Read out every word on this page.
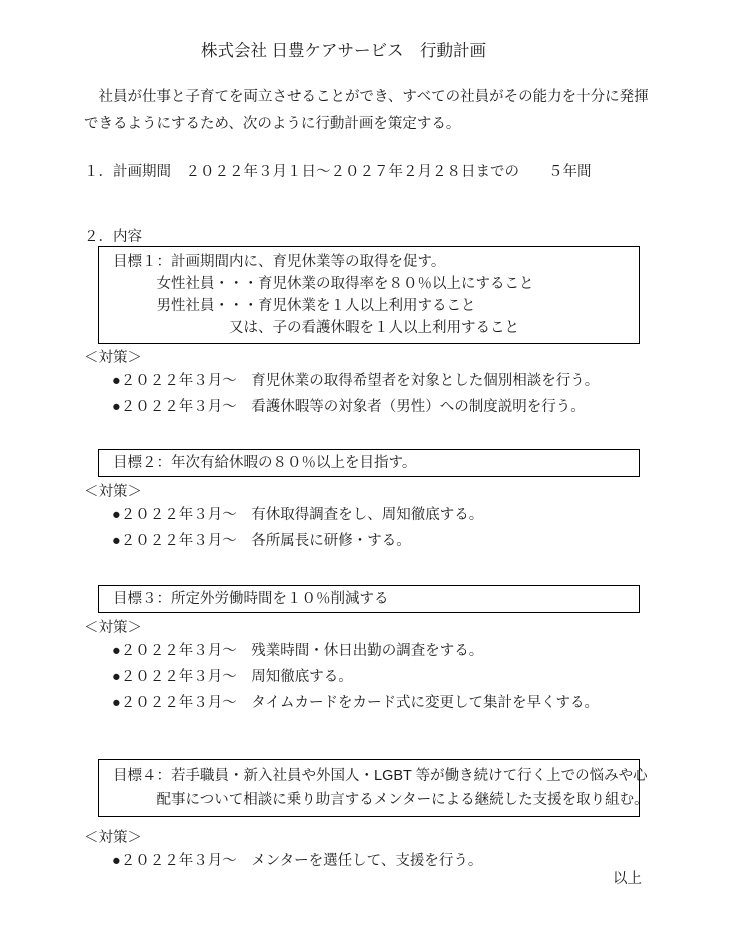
株式会社 日豊ケアサービス　行動計画

　社員が仕事と子育てを両立させることができ、すべての社員がその能力を十分に発揮できるようにするため、次のように行動計画を策定する。

１．計画期間　２０２２年３月１日～２０２７年２月２８日までの　　５年間

２．内容

目標１：計画期間内に、育児休業等の取得を促す。
　　　女性社員・・・育児休業の取得率を８０％以上にすること
　　　男性社員・・・育児休業を１人以上利用すること
　　　　　　　　又は、子の看護休暇を１人以上利用すること
＜対策＞
●２０２２年３月～　育児休業の取得希望者を対象とした個別相談を行う。
●２０２２年３月～　看護休暇等の対象者（男性）への制度説明を行う。
目標２：年次有給休暇の８０％以上を目指す。
＜対策＞
●２０２２年３月～　有休取得調査をし、周知徹底する。
●２０２２年３月～　各所属長に研修・する。
目標３：所定外労働時間を１０％削減する
＜対策＞
●２０２２年３月～　残業時間・休日出勤の調査をする。
●２０２２年３月～　周知徹底する。
●２０２２年３月～　タイムカードをカード式に変更して集計を早くする。
目標４：若手職員・新入社員や外国人・LGBT 等が働き続けて行く上での悩みや心
　　　配事について相談に乗り助言するメンターによる継続した支援を取り組む。
＜対策＞
●２０２２年３月～　メンターを選任して、支援を行う。
以上
